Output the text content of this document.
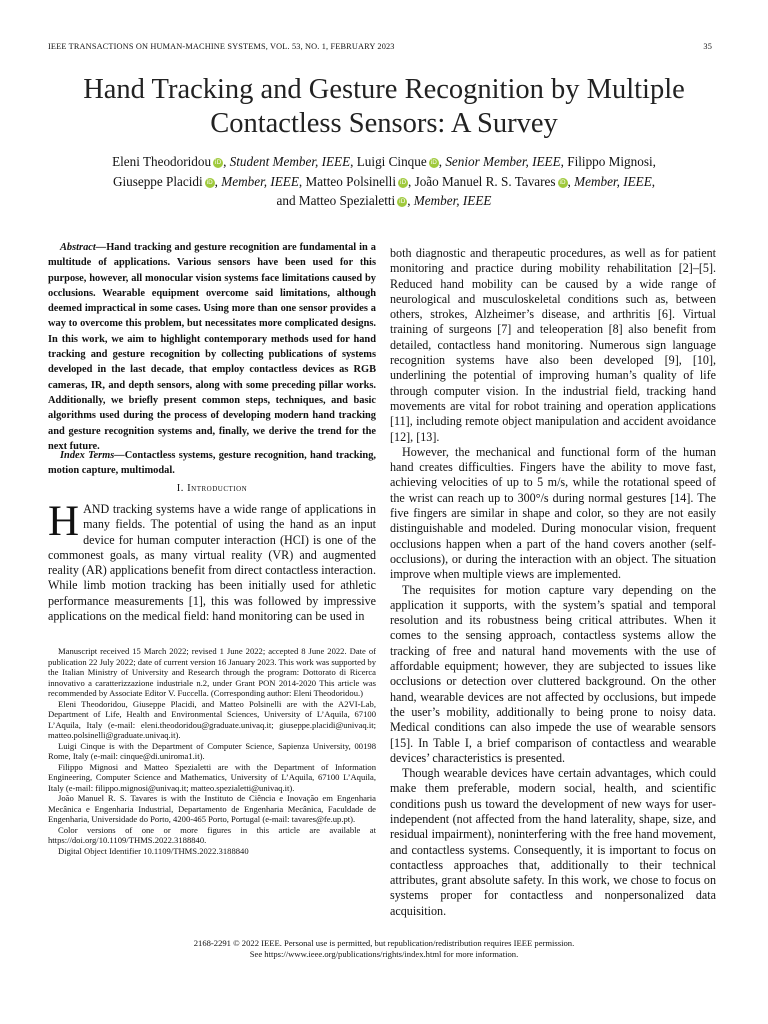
IEEE TRANSACTIONS ON HUMAN-MACHINE SYSTEMS, VOL. 53, NO. 1, FEBRUARY 2023	35
Hand Tracking and Gesture Recognition by Multiple Contactless Sensors: A Survey
Eleni Theodoridou iD , Student Member, IEEE, Luigi Cinque iD , Senior Member, IEEE, Filippo Mignosi,
Giuseppe Placidi iD , Member, IEEE, Matteo Polsinelli iD , João Manuel R. S. Tavares iD , Member, IEEE,
and Matteo Spezialetti iD , Member, IEEE
Abstract—Hand tracking and gesture recognition are fundamental in a multitude of applications. Various sensors have been used for this purpose, however, all monocular vision systems face limitations caused by occlusions. Wearable equipment overcome said limitations, although deemed impractical in some cases. Using more than one sensor provides a way to overcome this problem, but necessitates more complicated designs. In this work, we aim to highlight contemporary methods used for hand tracking and gesture recognition by collecting publications of systems developed in the last decade, that employ contactless devices as RGB cameras, IR, and depth sensors, along with some preceding pillar works. Additionally, we briefly present common steps, techniques, and basic algorithms used during the process of developing modern hand tracking and gesture recognition systems and, finally, we derive the trend for the next future.
Index Terms—Contactless systems, gesture recognition, hand tracking, motion capture, multimodal.
I. Introduction
HAND tracking systems have a wide range of applications in many fields. The potential of using the hand as an input device for human computer interaction (HCI) is one of the commonest goals, as many virtual reality (VR) and augmented reality (AR) applications benefit from direct contactless interaction. While limb motion tracking has been initially used for athletic performance measurements [1], this was followed by impressive applications on the medical field: hand monitoring can be used in

Manuscript received 15 March 2022; revised 1 June 2022; accepted 8 June 2022. Date of publication 22 July 2022; date of current version 16 January 2023. This work was supported by the Italian Ministry of University and Research through the program: Dottorato di Ricerca innovativo a caratterizzazione industriale n.2, under Grant PON 2014-2020 This article was recommended by Associate Editor V. Fuccella. (Corresponding author: Eleni Theodoridou.)

Eleni Theodoridou, Giuseppe Placidi, and Matteo Polsinelli are with the A2VI-Lab, Department of Life, Health and Environmental Sciences, University of L’Aquila, 67100 L’Aquila, Italy (e-mail: eleni.theodoridou@graduate.univaq.it; giuseppe.placidi@univaq.it; matteo.polsinelli@graduate.univaq.it).

Luigi Cinque is with the Department of Computer Science, Sapienza University, 00198 Rome, Italy (e-mail: cinque@di.uniroma1.it).

Filippo Mignosi and Matteo Spezialetti are with the Department of Information Engineering, Computer Science and Mathematics, University of L’Aquila, 67100 L’Aquila, Italy (e-mail: filippo.mignosi@univaq.it; matteo.spezialetti@univaq.it).

João Manuel R. S. Tavares is with the Instituto de Ciência e Inovação em Engenharia Mecânica e Engenharia Industrial, Departamento de Engenharia Mecânica, Faculdade de Engenharia, Universidade do Porto, 4200-465 Porto, Portugal (e-mail: tavares@fe.up.pt).

Color versions of one or more figures in this article are available at https://doi.org/10.1109/THMS.2022.3188840.

Digital Object Identifier 10.1109/THMS.2022.3188840

both diagnostic and therapeutic procedures, as well as for patient monitoring and practice during mobility rehabilitation [2]–[5]. Reduced hand mobility can be caused by a wide range of neurological and musculoskeletal conditions such as, between others, strokes, Alzheimer’s disease, and arthritis [6]. Virtual training of surgeons [7] and teleoperation [8] also benefit from detailed, contactless hand monitoring. Numerous sign language recognition systems have also been developed [9], [10], underlining the potential of improving human’s quality of life through computer vision. In the industrial field, tracking hand movements are vital for robot training and operation applications [11], including remote object manipulation and accident avoidance [12], [13].

However, the mechanical and functional form of the human hand creates difficulties. Fingers have the ability to move fast, achieving velocities of up to 5 m/s, while the rotational speed of the wrist can reach up to 300°/s during normal gestures [14]. The five fingers are similar in shape and color, so they are not easily distinguishable and modeled. During monocular vision, frequent occlusions happen when a part of the hand covers another (self-occlusions), or during the interaction with an object. The situation improve when multiple views are implemented.

The requisites for motion capture vary depending on the application it supports, with the system’s spatial and temporal resolution and its robustness being critical attributes. When it comes to the sensing approach, contactless systems allow the tracking of free and natural hand movements with the use of affordable equipment; however, they are subjected to issues like occlusions or detection over cluttered background. On the other hand, wearable devices are not affected by occlusions, but impede the user’s mobility, additionally to being prone to noisy data. Medical conditions can also impede the use of wearable sensors [15]. In Table I, a brief comparison of contactless and wearable devices’ characteristics is presented.

Though wearable devices have certain advantages, which could make them preferable, modern social, health, and scientific conditions push us toward the development of new ways for user-independent (not affected from the hand laterality, shape, size, and residual impairment), noninterfering with the free hand movement, and contactless systems. Consequently, it is important to focus on contactless approaches that, additionally to their technical attributes, grant absolute safety. In this work, we chose to focus on systems proper for contactless and nonpersonalized data acquisition.

2168-2291 © 2022 IEEE. Personal use is permitted, but republication/redistribution requires IEEE permission.
See https://www.ieee.org/publications/rights/index.html for more information.
